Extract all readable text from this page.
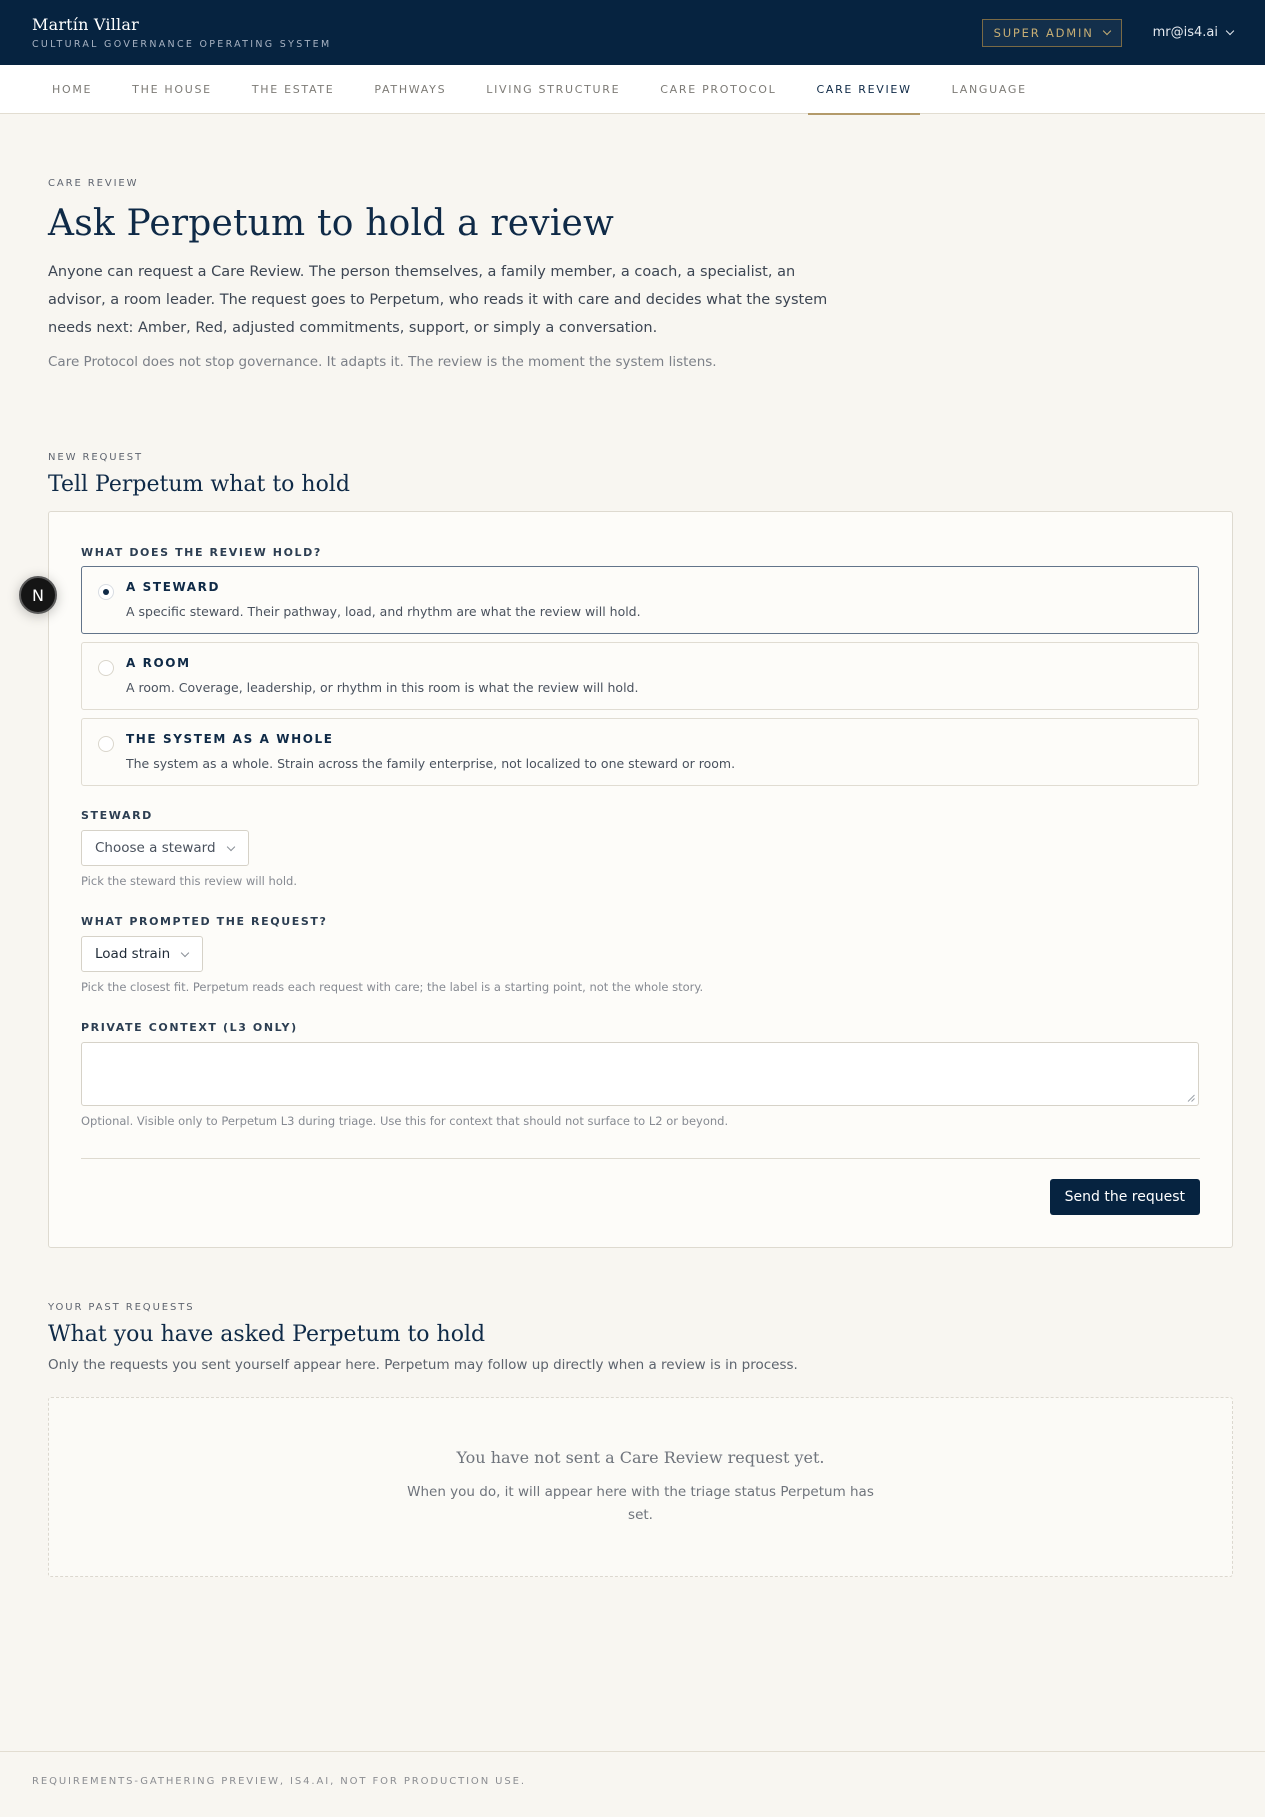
Martín Villar
CULTURAL GOVERNANCE OPERATING SYSTEM
SUPER ADMIN	mr@is4.ai
HOME	THE HOUSE	THE ESTATE	PATHWAYS	LIVING STRUCTURE	CARE PROTOCOL	CARE REVIEW	LANGUAGE
CARE REVIEW
Ask Perpetum to hold a review

Anyone can request a Care Review. The person themselves, a family member, a coach, a specialist, an advisor, a room leader. The request goes to Perpetum, who reads it with care and decides what the system needs next: Amber, Red, adjusted commitments, support, or simply a conversation.

Care Protocol does not stop governance. It adapts it. The review is the moment the system listens.

NEW REQUEST
Tell Perpetum what to hold
WHAT DOES THE REVIEW HOLD?
A STEWARD
A specific steward. Their pathway, load, and rhythm are what the review will hold.
A ROOM
A room. Coverage, leadership, or rhythm in this room is what the review will hold.
THE SYSTEM AS A WHOLE
The system as a whole. Strain across the family enterprise, not localized to one steward or room.
STEWARD
Choose a steward
Pick the steward this review will hold.
WHAT PROMPTED THE REQUEST?
Load strain
Pick the closest fit. Perpetum reads each request with care; the label is a starting point, not the whole story.
PRIVATE CONTEXT (L3 ONLY)
Optional. Visible only to Perpetum L3 during triage. Use this for context that should not surface to L2 or beyond.
Send the request
YOUR PAST REQUESTS
What you have asked Perpetum to hold

Only the requests you sent yourself appear here. Perpetum may follow up directly when a review is in process.

You have not sent a Care Review request yet.
When you do, it will appear here with the triage status Perpetum has set.
REQUIREMENTS-GATHERING PREVIEW, IS4.AI, NOT FOR PRODUCTION USE.
N
